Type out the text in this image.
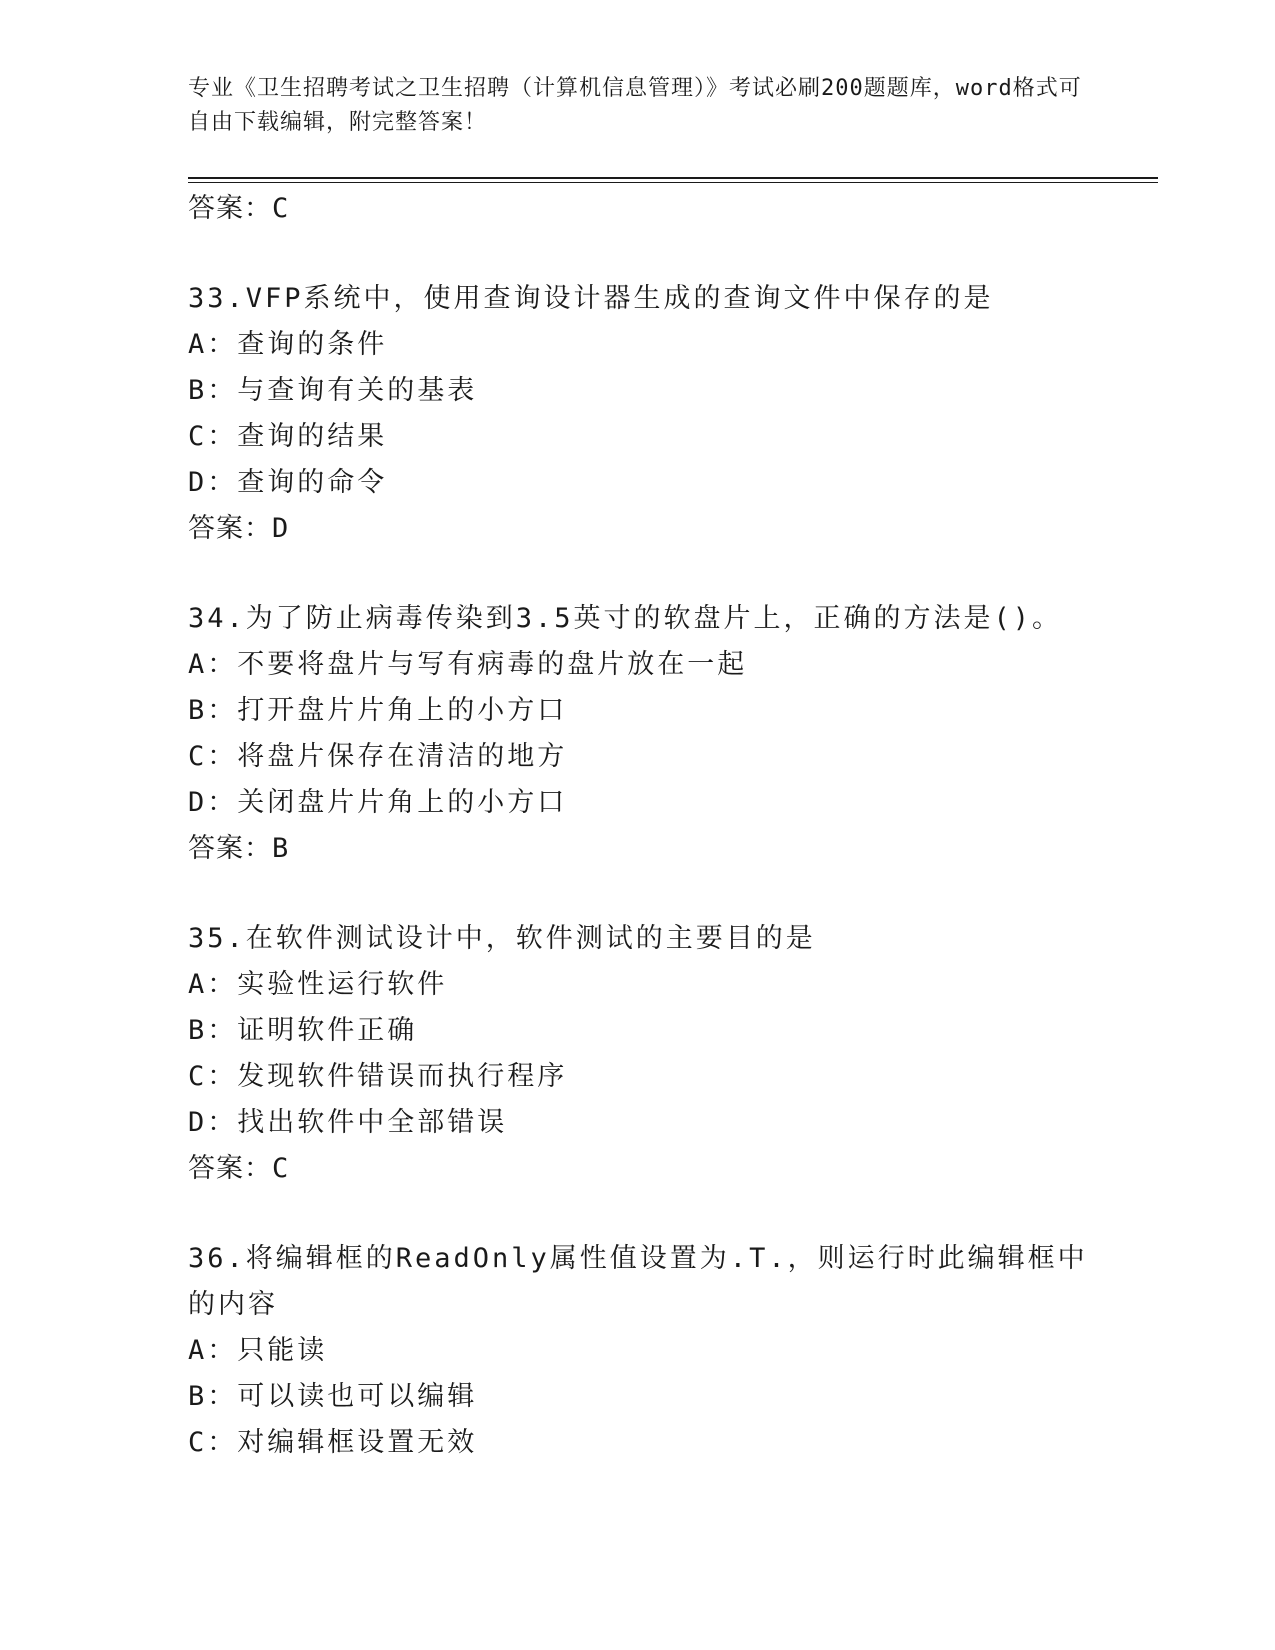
专业《卫生招聘考试之卫生招聘（计算机信息管理）》考试必刷200题题库，word格式可自由下载编辑，附完整答案！
答案：C
33.VFP系统中，使用查询设计器生成的查询文件中保存的是
A：查询的条件
B：与查询有关的基表
C：查询的结果
D：查询的命令
答案：D
34.为了防止病毒传染到3.5英寸的软盘片上，正确的方法是()。
A：不要将盘片与写有病毒的盘片放在一起
B：打开盘片片角上的小方口
C：将盘片保存在清洁的地方
D：关闭盘片片角上的小方口
答案：B
35.在软件测试设计中，软件测试的主要目的是
A：实验性运行软件
B：证明软件正确
C：发现软件错误而执行程序
D：找出软件中全部错误
答案：C
36.将编辑框的ReadOnly属性值设置为.T.，则运行时此编辑框中的内容
A：只能读
B：可以读也可以编辑
C：对编辑框设置无效
